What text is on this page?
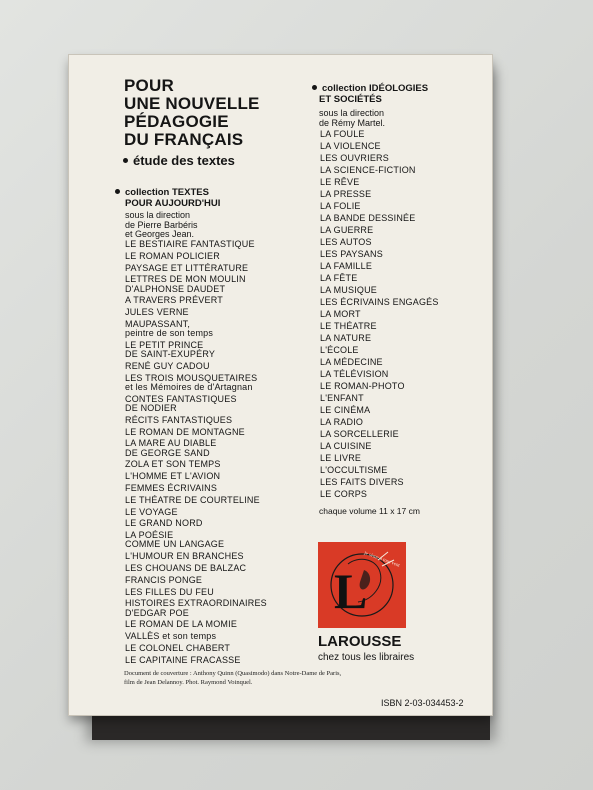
POUR
UNE NOUVELLE
PÉDAGOGIE
DU FRANÇAIS
étude des textes
collection TEXTES
POUR AUJOURD'HUI
sous la direction
de Pierre Barbéris
et Georges Jean.
LE BESTIAIRE FANTASTIQUE
LE ROMAN POLICIER
PAYSAGE ET LITTÉRATURE
LETTRES DE MON MOULIN
D'ALPHONSE DAUDET
A TRAVERS PRÉVERT
JULES VERNE
MAUPASSANT,
peintre de son temps
LE PETIT PRINCE
DE SAINT-EXUPÉRY
RENÉ GUY CADOU
LES TROIS MOUSQUETAIRES
et les Mémoires de d'Artagnan
CONTES FANTASTIQUES
DE NODIER
RÉCITS FANTASTIQUES
LE ROMAN DE MONTAGNE
LA MARE AU DIABLE
DE GEORGE SAND
ZOLA ET SON TEMPS
L'HOMME ET L'AVION
FEMMES ÉCRIVAINS
LE THÉATRE DE COURTELINE
LE VOYAGE
LE GRAND NORD
LA POÉSIE
COMME UN LANGAGE
L'HUMOUR EN BRANCHES
LES CHOUANS DE BALZAC
FRANCIS PONGE
LES FILLES DU FEU
HISTOIRES EXTRAORDINAIRES
D'EDGAR POE
LE ROMAN DE LA MOMIE
VALLÈS et son temps
LE COLONEL CHABERT
LE CAPITAINE FRACASSE
collection IDÉOLOGIES
ET SOCIÉTÉS
sous la direction
de Rémy Martel.
LA FOULE
LA VIOLENCE
LES OUVRIERS
LA SCIENCE-FICTION
LE RÊVE
LA PRESSE
LA FOLIE
LA BANDE DESSINÉE
LA GUERRE
LES AUTOS
LES PAYSANS
LA FAMILLE
LA FÊTE
LA MUSIQUE
LES ÉCRIVAINS ENGAGÉS
LA MORT
LE THÉATRE
LA NATURE
L'ÉCOLE
LA MÉDECINE
LA TÉLÉVISION
LE ROMAN-PHOTO
L'ENFANT
LE CINÉMA
LA RADIO
LA SORCELLERIE
LA CUISINE
LE LIVRE
L'OCCULTISME
LES FAITS DIVERS
LE CORPS
chaque volume 11 x 17 cm
L
je sème à tout vent
LAROUSSE
chez tous les libraires
Document de couverture : Anthony Quinn (Quasimodo) dans Notre-Dame de Paris,
film de Jean Delannoy. Phot. Raymond Voinquel.
ISBN 2-03-034453-2
